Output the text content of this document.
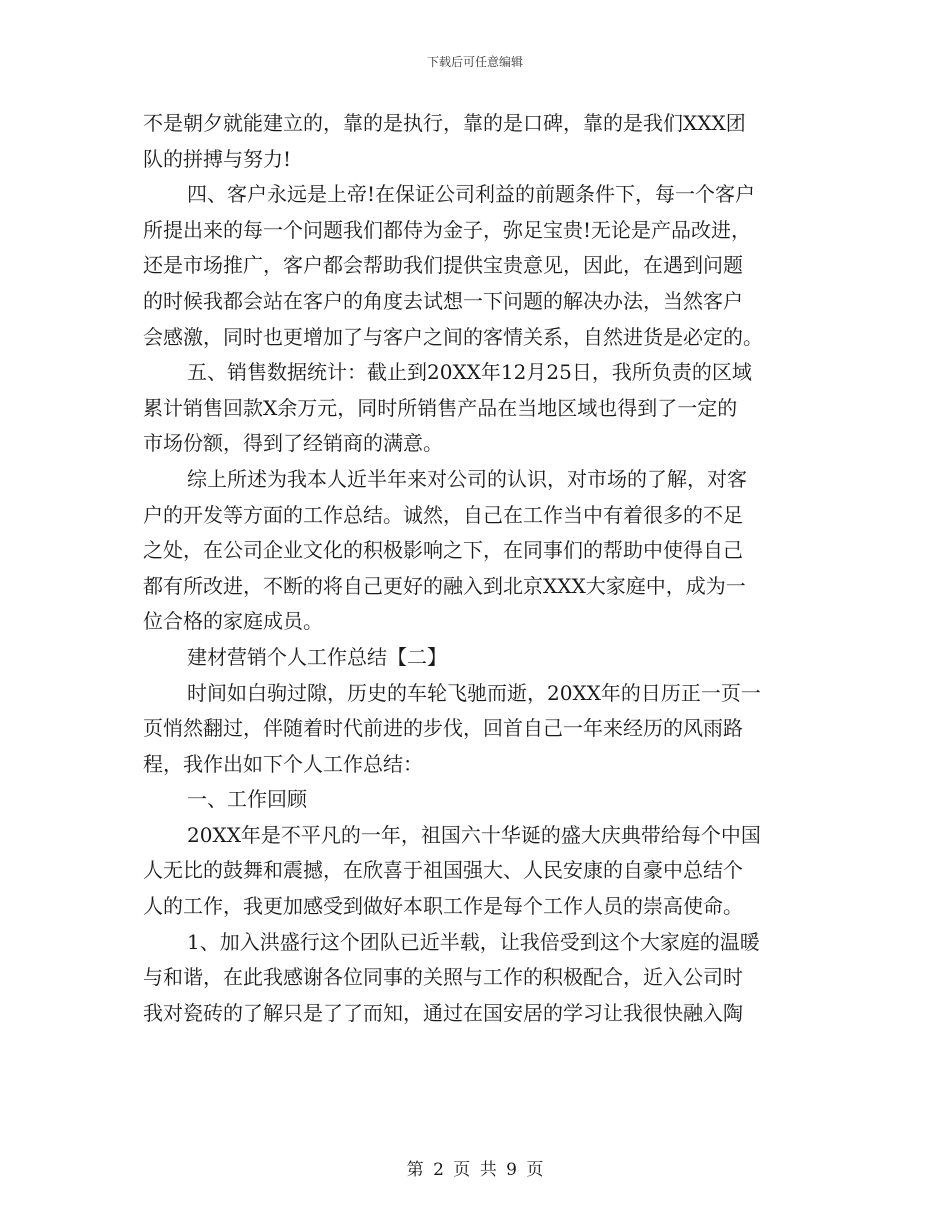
下载后可任意编辑
不是朝夕就能建立的，靠的是执行，靠的是口碑，靠的是我们XXX团
队的拼搏与努力!
四、客户永远是上帝!在保证公司利益的前题条件下，每一个客户
所提出来的每一个问题我们都侍为金子，弥足宝贵!无论是产品改进，
还是市场推广，客户都会帮助我们提供宝贵意见，因此，在遇到问题
的时候我都会站在客户的角度去试想一下问题的解决办法，当然客户
会感激，同时也更增加了与客户之间的客情关系，自然进货是必定的。
五、销售数据统计：截止到20XX年12月25日，我所负责的区域
累计销售回款X余万元，同时所销售产品在当地区域也得到了一定的
市场份额，得到了经销商的满意。
综上所述为我本人近半年来对公司的认识，对市场的了解，对客
户的开发等方面的工作总结。诚然，自己在工作当中有着很多的不足
之处，在公司企业文化的积极影响之下，在同事们的帮助中使得自己
都有所改进，不断的将自己更好的融入到北京XXX大家庭中，成为一
位合格的家庭成员。
建材营销个人工作总结【二】
时间如白驹过隙，历史的车轮飞驰而逝，20XX年的日历正一页一
页悄然翻过，伴随着时代前进的步伐，回首自己一年来经历的风雨路
程，我作出如下个人工作总结：
一、工作回顾
20XX年是不平凡的一年，祖国六十华诞的盛大庆典带给每个中国
人无比的鼓舞和震撼，在欣喜于祖国强大、人民安康的自豪中总结个
人的工作，我更加感受到做好本职工作是每个工作人员的崇高使命。
1、加入洪盛行这个团队已近半载，让我倍受到这个大家庭的温暖
与和谐，在此我感谢各位同事的关照与工作的积极配合，近入公司时
我对瓷砖的了解只是了了而知，通过在国安居的学习让我很快融入陶
第 2 页 共 9 页
